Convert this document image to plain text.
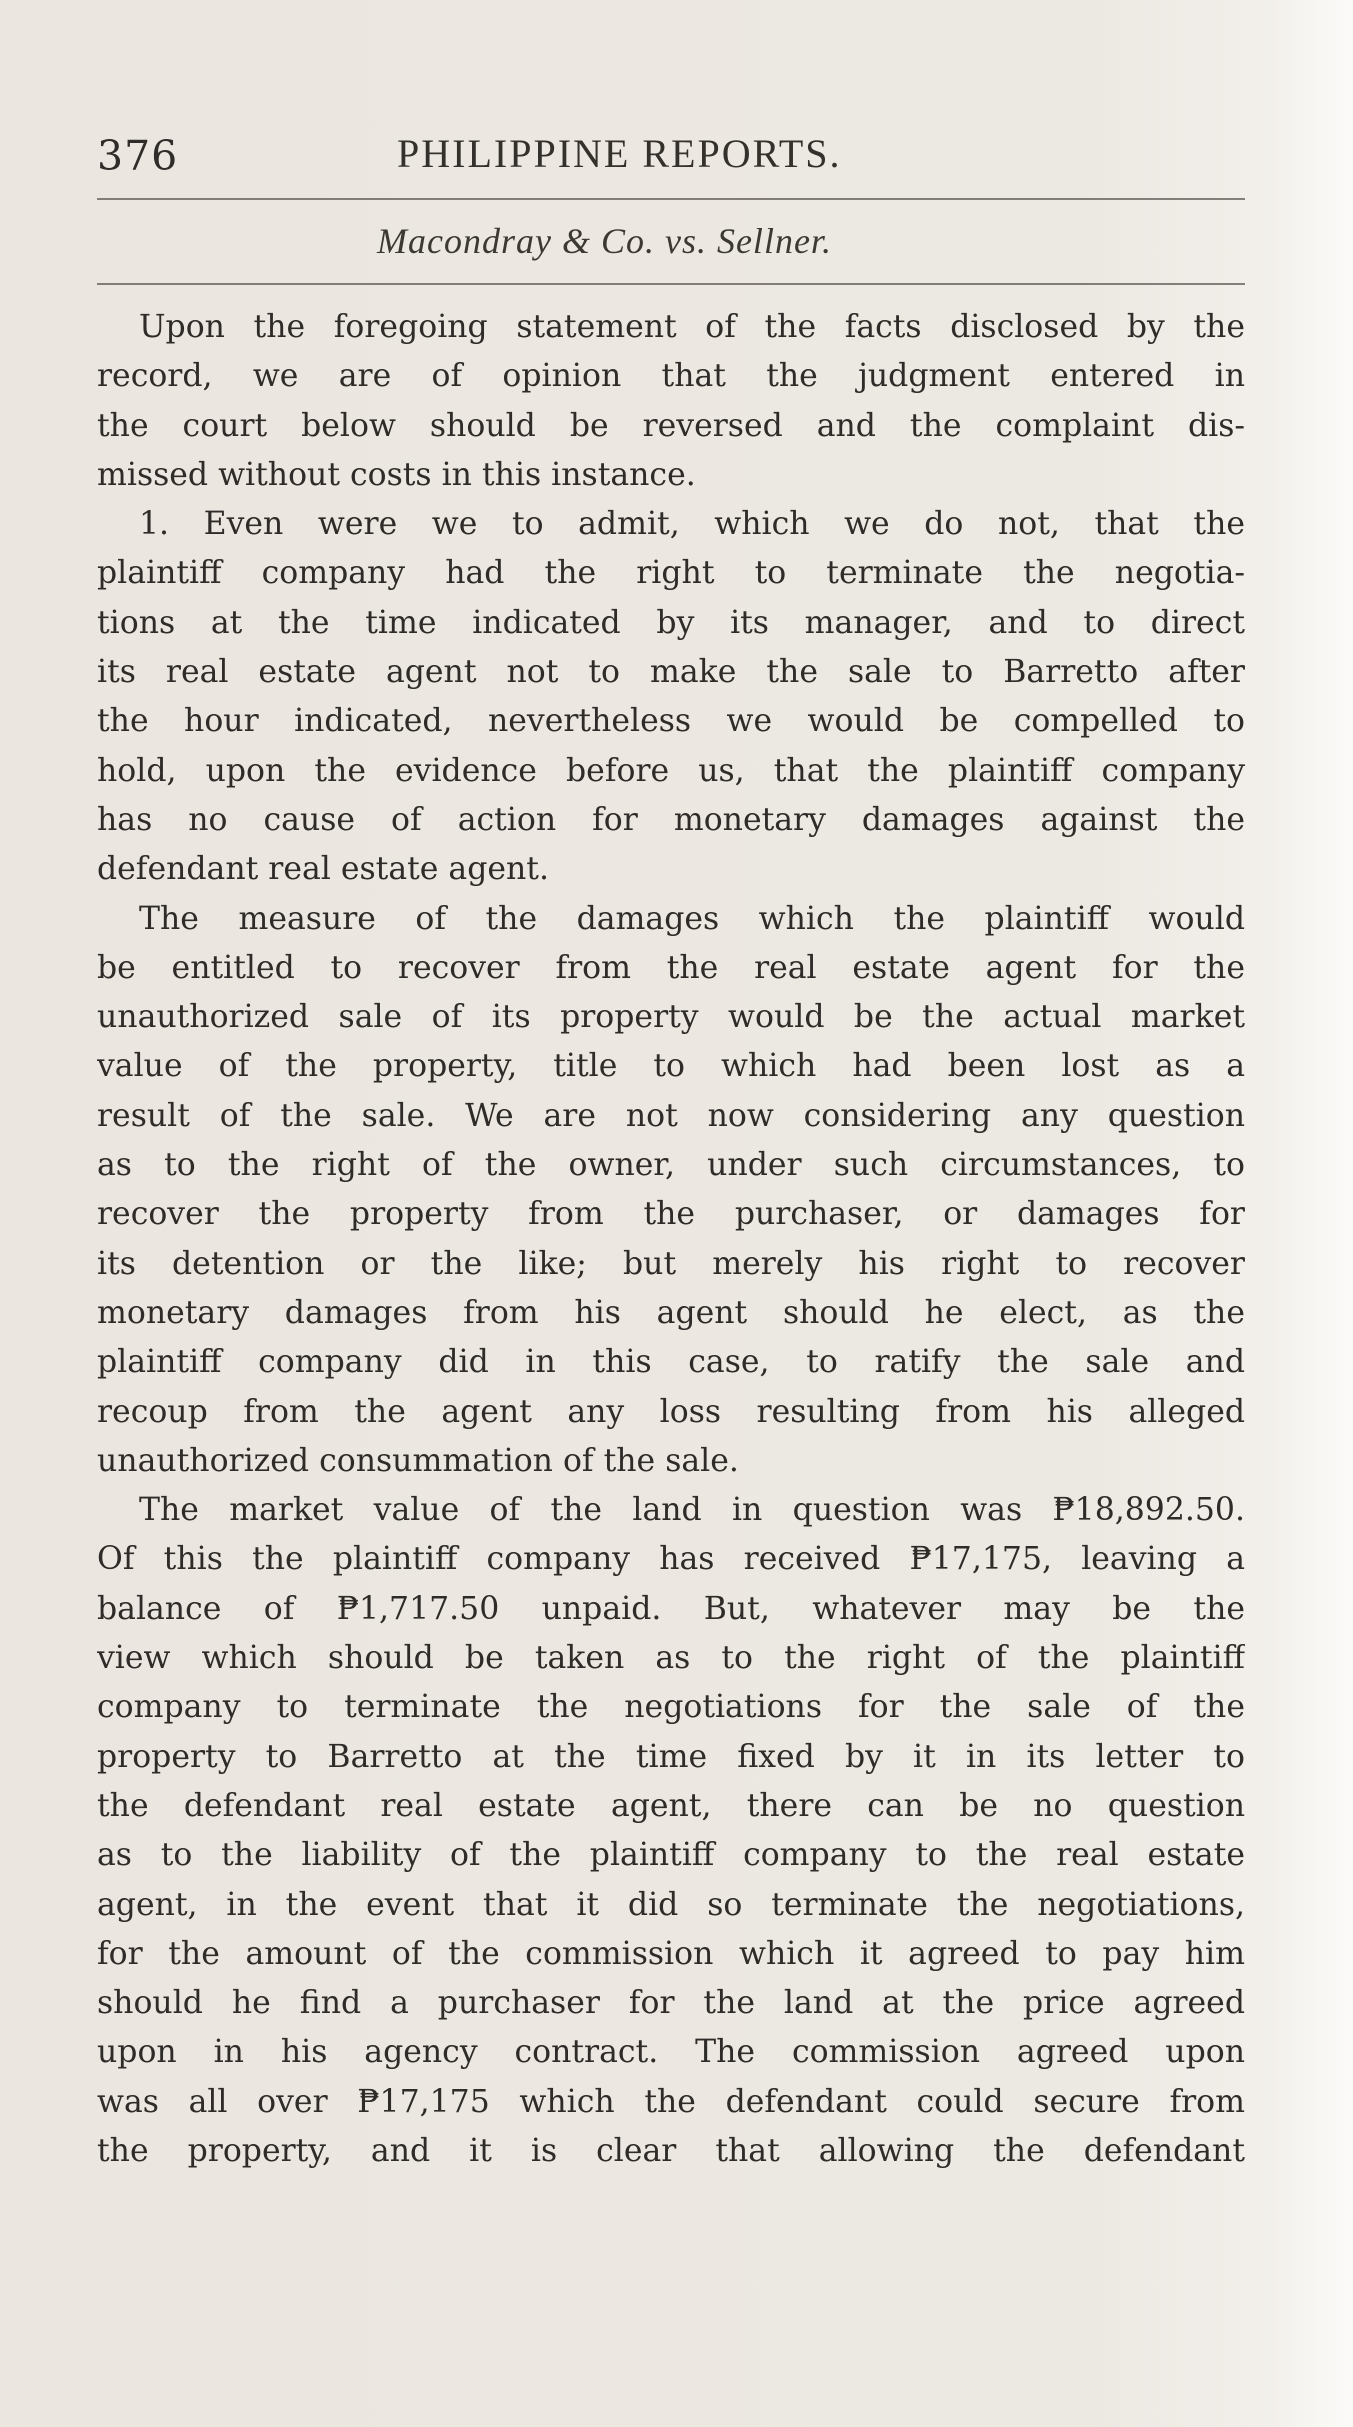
376	PHILIPPINE REPORTS.
Macondray & Co. vs. Sellner.
Upon the foregoing statement of the facts disclosed by the
record, we are of opinion that the judgment entered in
the court below should be reversed and the complaint dis-
missed without costs in this instance.
1. Even were we to admit, which we do not, that the
plaintiff company had the right to terminate the negotia-
tions at the time indicated by its manager, and to direct
its real estate agent not to make the sale to Barretto after
the hour indicated, nevertheless we would be compelled to
hold, upon the evidence before us, that the plaintiff company
has no cause of action for monetary damages against the
defendant real estate agent.
The measure of the damages which the plaintiff would
be entitled to recover from the real estate agent for the
unauthorized sale of its property would be the actual market
value of the property, title to which had been lost as a
result of the sale. We are not now considering any question
as to the right of the owner, under such circumstances, to
recover the property from the purchaser, or damages for
its detention or the like; but merely his right to recover
monetary damages from his agent should he elect, as the
plaintiff company did in this case, to ratify the sale and
recoup from the agent any loss resulting from his alleged
unauthorized consummation of the sale.
The market value of the land in question was ₱18,892.50.
Of this the plaintiff company has received ₱17,175, leaving a
balance of ₱1,717.50 unpaid. But, whatever may be the
view which should be taken as to the right of the plaintiff
company to terminate the negotiations for the sale of the
property to Barretto at the time fixed by it in its letter to
the defendant real estate agent, there can be no question
as to the liability of the plaintiff company to the real estate
agent, in the event that it did so terminate the negotiations,
for the amount of the commission which it agreed to pay him
should he find a purchaser for the land at the price agreed
upon in his agency contract. The commission agreed upon
was all over ₱17,175 which the defendant could secure from
the property, and it is clear that allowing the defendant
